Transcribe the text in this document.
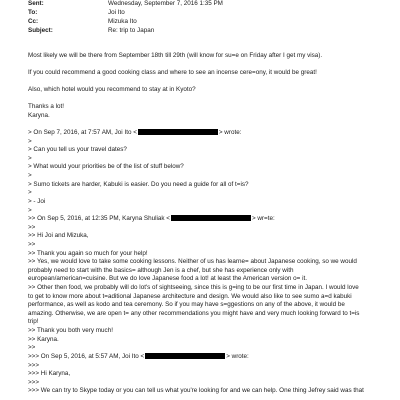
Sent:	Wednesday, September 7, 2016 1:35 PM
To:	Joi Ito
Cc:	Mizuka Ito
Subject:	Re: trip to Japan
Most likely we will be there from September 18th till 29th (will know for su=e on Friday after I get my visa).
If you could recommend a good cooking class and where to see an incense cere=ony, it would be great!
Also, which hotel would you recommend to stay at in Kyoto?
Thanks a lot!
Karyna.
> On Sep 7, 2016, at 7:57 AM, Joi Ito <	> wrote:
>
> Can you tell us your travel dates?
>
> What would your priorities be of the list of stuff below?
>
> Sumo tickets are harder, Kabuki is easier. Do you need a guide for all of t=is?
>
> - Joi
>
>> On Sep 5, 2016, at 12:35 PM, Karyna Shuliak <	> wr=te:
>>
>> Hi Joi and Mizuka,
>>
>> Thank you again so much for your help!
>> Yes, we would love to take some cooking lessons. Neither of us has learne= about Japanese cooking, so we would
probably need to start with the basics= although Jen is a chef, but she has experience only with
european/american=cuisine. But we do love Japanese food a lot! at least the American version o= it.
>> Other then food, we probably will do lot's of sightseeing, since this is g=ing to be our first time in Japan. I would love
to get to know more about t=aditional Japanese architecture and design. We would also like to see sumo a=d kabuki
performance, as well as kodo and tea ceremony. So if you may have s=ggestions on any of the above, it would be
amazing. Otherwise, we are open t= any other recommendations you might have and very much looking forward to t=is
trip!
>> Thank you both very much!
>> Karyna.
>>
>>> On Sep 5, 2016, at 5:57 AM, Joi Ito <	> wrote:
>>>
>>> Hi Karyna,
>>>
>>> We can try to Skype today or you can tell us what you're looking for and we can help. One thing Jefrey said was that
